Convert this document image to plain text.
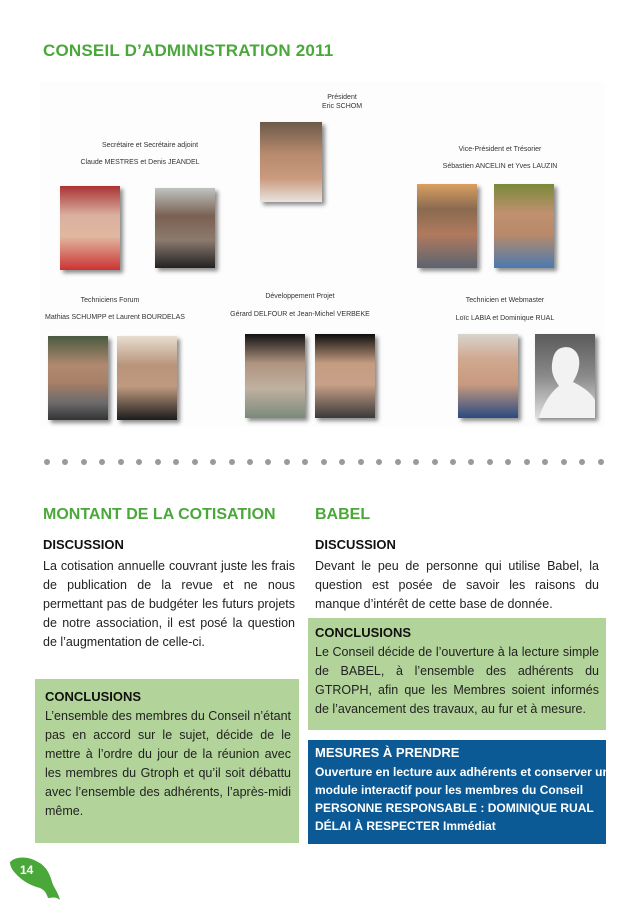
CONSEIL D’ADMINISTRATION 2011
Président
Eric SCHOM
Secrétaire et Secrétaire adjoint
Claude MESTRES et Denis JEANDEL
Vice-Président et Trésorier
Sébastien ANCELIN et Yves LAUZIN
Techniciens Forum
Mathias SCHUMPP et Laurent BOURDELAS
Développement Projet
Gérard DELFOUR et Jean-Michel VERBEKE
Technicien et Webmaster
Loïc LABIA et Dominique RUAL
MONTANT DE LA COTISATION
DISCUSSION
La cotisation annuelle couvrant juste les frais de publication de la revue et ne nous permettant pas de budgéter les futurs projets de notre association, il est posé la question de l’augmentation de celle-ci.
CONCLUSIONS
L’ensemble des membres du Conseil n’étant pas en accord sur le sujet, décide de le mettre à l’ordre du jour de la réunion avec les membres du Gtroph et qu’il soit débattu avec l’ensemble des adhérents, l’après-midi même.
BABEL
DISCUSSION
Devant le peu de personne qui utilise Babel, la question est posée de savoir les raisons du manque d’intérêt de cette base de donnée.
CONCLUSIONS
Le Conseil décide de l’ouverture à la lecture simple de BABEL, à l’ensemble des adhérents du GTROPH, afin que les Membres soient informés de l’avancement des travaux, au fur et à mesure.
MESURES À PRENDRE
Ouverture en lecture aux adhérents et conserver un
module interactif pour les membres du Conseil
PERSONNE RESPONSABLE : DOMINIQUE RUAL
DÉLAI À RESPECTER Immédiat
14
